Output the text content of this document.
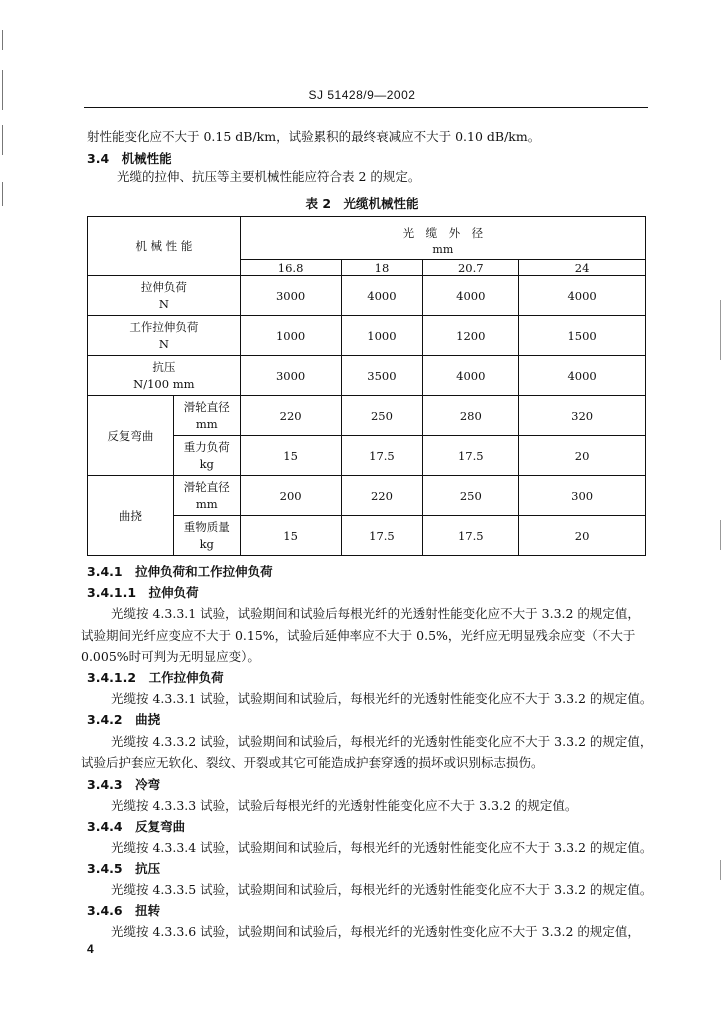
SJ 51428/9—2002
射性能变化应不大于 0.15 dB/km，试验累积的最终衰减应不大于 0.10 dB/km。
3.4　 机械性能
光缆的拉伸、抗压等主要机械性能应符合表 2 的规定。
表 2　光缆机械性能
机 械 性 能		光　缆　外　径
mm			

		16.8	18	20.7	24

拉伸负荷
N		3000	4000	4000	4000

工作拉伸负荷
N		1000	1000	1200	1500

抗压
N/100 mm		3000	3500	4000	4000
反复弯曲	滑轮直径
mm	220	250	280	320

	重力负荷
kg	15	17.5	17.5	20
曲挠	滑轮直径
mm	200	220	250	300

	重物质量
kg	15	17.5	17.5	20
3.4.1　 拉伸负荷和工作拉伸负荷
3.4.1.1　 拉伸负荷
光缆按 4.3.3.1 试验，试验期间和试验后每根光纤的光透射性能变化应不大于 3.3.2 的规定值，
试验期间光纤应变应不大于 0.15%，试验后延伸率应不大于 0.5%，光纤应无明显残余应变（不大于
0.005%时可判为无明显应变）。
3.4.1.2　 工作拉伸负荷
光缆按 4.3.3.1 试验，试验期间和试验后，每根光纤的光透射性能变化应不大于 3.3.2 的规定值。
3.4.2　 曲挠
光缆按 4.3.3.2 试验，试验期间和试验后，每根光纤的光透射性能变化应不大于 3.3.2 的规定值，
试验后护套应无软化、裂纹、开裂或其它可能造成护套穿透的损坏或识别标志损伤。
3.4.3　 冷弯
光缆按 4.3.3.3 试验，试验后每根光纤的光透射性能变化应不大于 3.3.2 的规定值。
3.4.4　 反复弯曲
光缆按 4.3.3.4 试验，试验期间和试验后，每根光纤的光透射性能变化应不大于 3.3.2 的规定值。
3.4.5　 抗压
光缆按 4.3.3.5 试验，试验期间和试验后，每根光纤的光透射性能变化应不大于 3.3.2 的规定值。
3.4.6　 扭转
光缆按 4.3.3.6 试验，试验期间和试验后，每根光纤的光透射性变化应不大于 3.3.2 的规定值，
4
